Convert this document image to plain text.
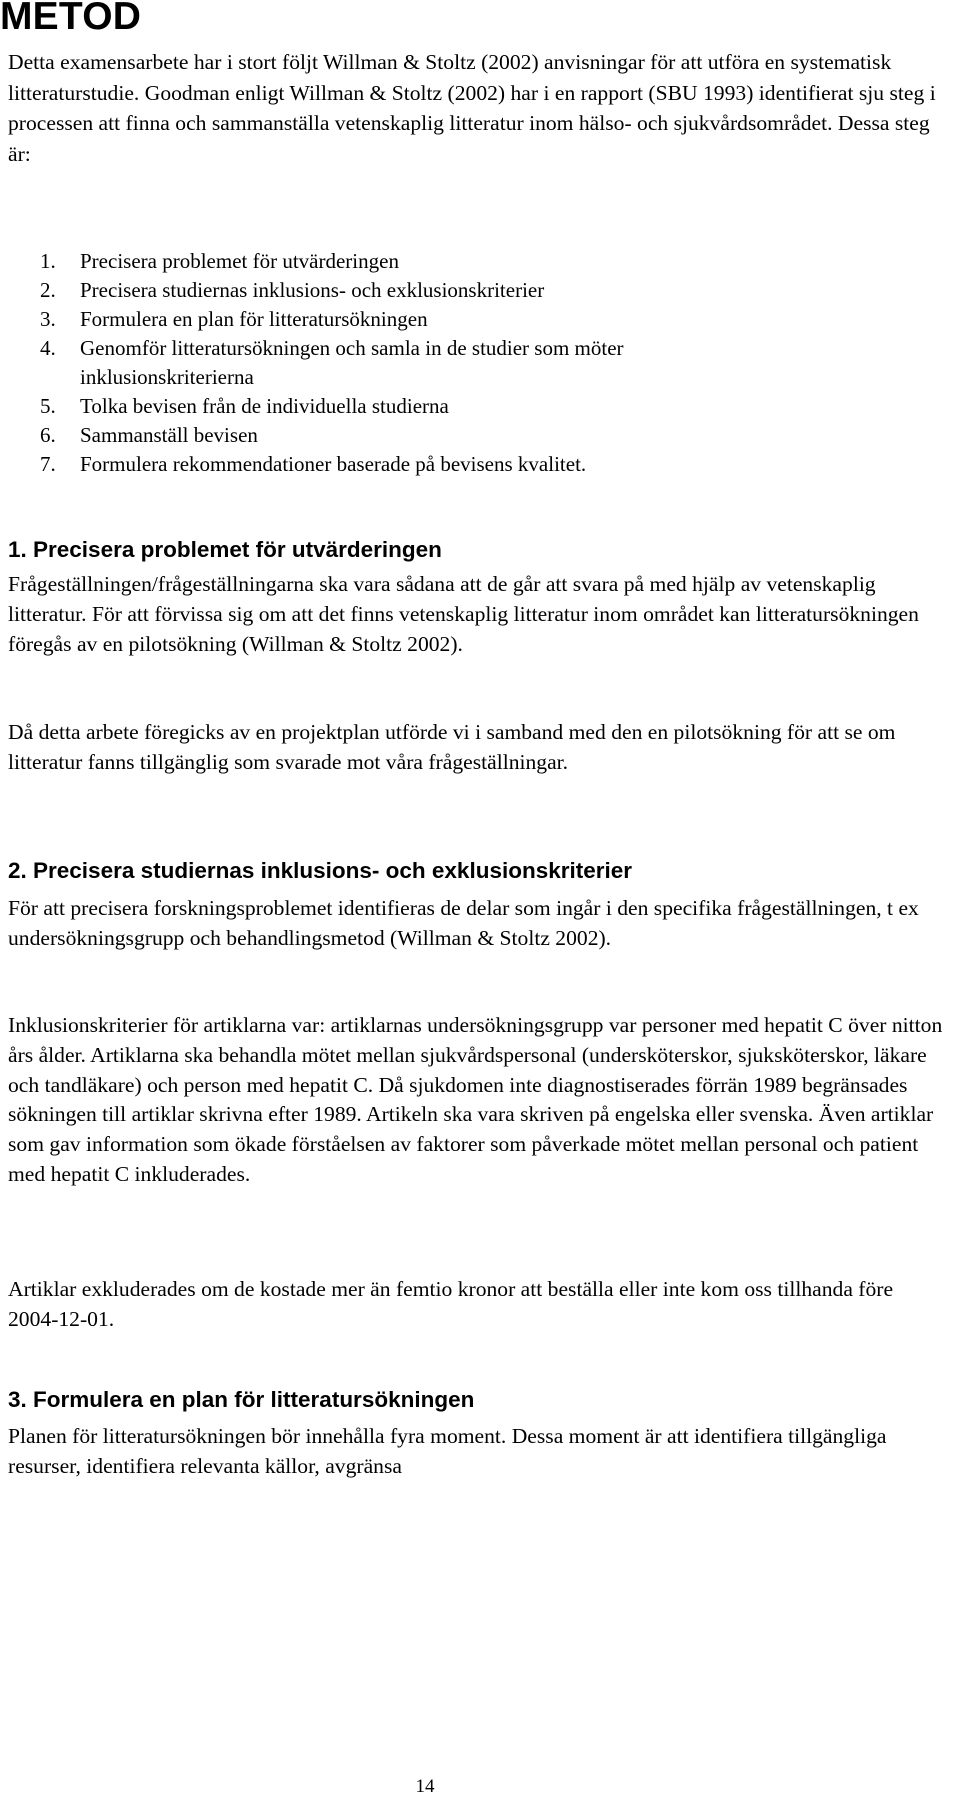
METOD

Detta examensarbete har i stort följt Willman & Stoltz (2002) anvisningar för att utföra en systematisk litteraturstudie. Goodman enligt Willman & Stoltz (2002) har i en rapport (SBU 1993) identifierat sju steg i processen att finna och sammanställa vetenskaplig litteratur inom hälso- och sjukvårdsområdet. Dessa steg är:

1.	Precisera problemet för utvärderingen
2.	Precisera studiernas inklusions- och exklusionskriterier
3.	Formulera en plan för litteratursökningen
4.	Genomför litteratursökningen och samla in de studier som möter inklusionskriterierna
5.	Tolka bevisen från de individuella studierna
6.	Sammanställ bevisen
7.	Formulera rekommendationer baserade på bevisens kvalitet.
1. Precisera problemet för utvärderingen

Frågeställningen/frågeställningarna ska vara sådana att de går att svara på med hjälp av vetenskaplig litteratur. För att förvissa sig om att det finns vetenskaplig litteratur inom området kan litteratursökningen föregås av en pilotsökning (Willman & Stoltz 2002).

Då detta arbete föregicks av en projektplan utförde vi i samband med den en pilotsökning för att se om litteratur fanns tillgänglig som svarade mot våra frågeställningar.

2. Precisera studiernas inklusions- och exklusionskriterier

För att precisera forskningsproblemet identifieras de delar som ingår i den specifika frågeställningen, t ex undersökningsgrupp och behandlingsmetod (Willman & Stoltz 2002).

Inklusionskriterier för artiklarna var: artiklarnas undersökningsgrupp var personer med hepatit C över nitton års ålder. Artiklarna ska behandla mötet mellan sjukvårdspersonal (undersköterskor, sjuksköterskor, läkare och tandläkare) och person med hepatit C. Då sjukdomen inte diagnostiserades förrän 1989 begränsades sökningen till artiklar skrivna efter 1989. Artikeln ska vara skriven på engelska eller svenska. Även artiklar som gav information som ökade förståelsen av faktorer som påverkade mötet mellan personal och patient med hepatit C inkluderades.

Artiklar exkluderades om de kostade mer än femtio kronor att beställa eller inte kom oss tillhanda före 2004-12-01.

3. Formulera en plan för litteratursökningen

Planen för litteratursökningen bör innehålla fyra moment. Dessa moment är att identifiera tillgängliga resurser, identifiera relevanta källor, avgränsa

14
